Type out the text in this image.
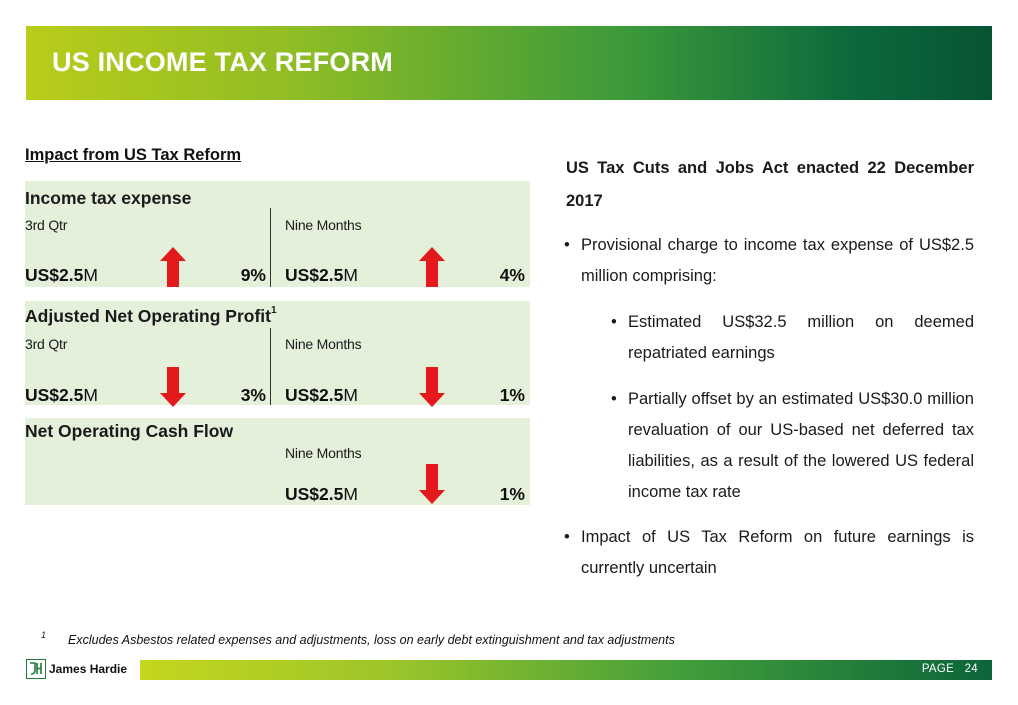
US INCOME TAX REFORM
Impact from US Tax Reform
Income tax expense
3rd Qtr	Nine Months
US$2.5M	9% US$2.5M	4%
Adjusted Net Operating Profit$^1$
3rd Qtr	Nine Months
US$2.5M	3% US$2.5M	1%
Net Operating Cash Flow
Nine Months
US$2.5M	1%
US Tax Cuts and Jobs Act enacted 22 December 2017
• Provisional charge to income tax expense of US$2.5 million comprising:
• Estimated US$32.5 million on deemed repatriated earnings
• Partially offset by an estimated US$30.0 million revaluation of our US-based net deferred tax liabilities, as a result of the lowered US federal income tax rate
• Impact of US Tax Reform on future earnings is currently uncertain
1 Excludes Asbestos related expenses and adjustments, loss on early debt extinguishment and tax adjustments
James Hardie	PAGE   24
